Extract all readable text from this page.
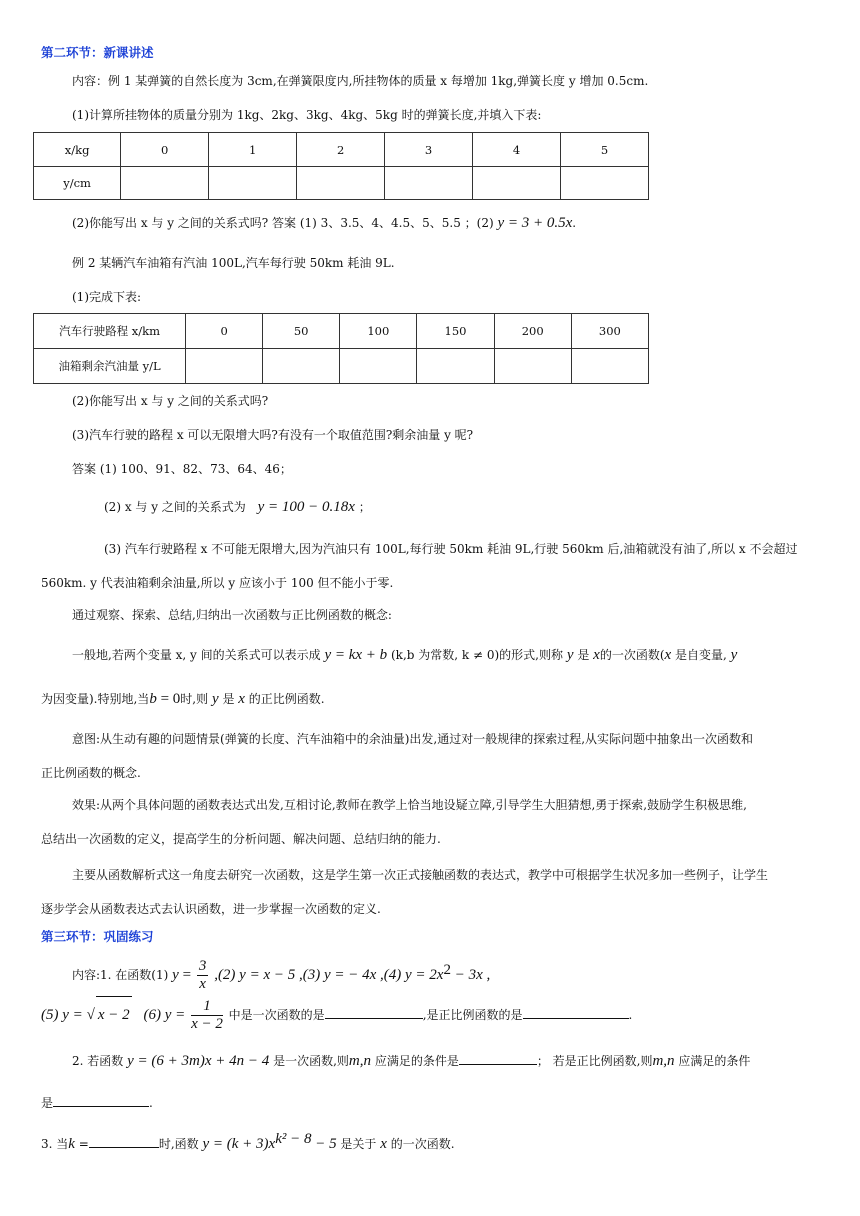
第二环节：新课讲述
内容：例 1 某弹簧的自然长度为 3cm,在弹簧限度内,所挂物体的质量 x 每增加 1kg,弹簧长度 y 增加 0.5cm.
(1)计算所挂物体的质量分别为 1kg、2kg、3kg、4kg、5kg 时的弹簧长度,并填入下表:
x/kg	0	1	2	3	4	5
y/cm						
(2)你能写出 x 与 y 之间的关系式吗? 答案 (1) 3、3.5、4、4.5、5、5.5 ；(2) y = 3 + 0.5x.
例 2 某辆汽车油箱有汽油 100L,汽车每行驶 50km 耗油 9L.
(1)完成下表:
汽车行驶路程 x/km	0	50	100	150	200	300
油箱剩余汽油量 y/L						
(2)你能写出 x 与 y 之间的关系式吗?
(3)汽车行驶的路程 x 可以无限增大吗?有没有一个取值范围?剩余油量 y 呢?
答案 (1) 100、91、82、73、64、46；
(2) x 与 y 之间的关系式为 y = 100 − 0.18x ；
(3) 汽车行驶路程 x 不可能无限增大,因为汽油只有 100L,每行驶 50km 耗油 9L,行驶 560km 后,油箱就没有油了,所以 x 不会超过
560km. y 代表油箱剩余油量,所以 y 应该小于 100 但不能小于零.
通过观察、探索、总结,归纳出一次函数与正比例函数的概念:
一般地,若两个变量 x, y 间的关系式可以表示成 y = kx + b (k,b 为常数, k ≠ 0)的形式,则称 y 是 x的一次函数(x 是自变量, y
为因变量).特别地,当b = 0时,则 y 是 x 的正比例函数.
意图:从生动有趣的问题情景(弹簧的长度、汽车油箱中的余油量)出发,通过对一般规律的探索过程,从实际问题中抽象出一次函数和
正比例函数的概念.
效果:从两个具体问题的函数表达式出发,互相讨论,教师在教学上恰当地设疑立障,引导学生大胆猜想,勇于探索,鼓励学生积极思维,
总结出一次函数的定义，提高学生的分析问题、解决问题、总结归纳的能力.
主要从函数解析式这一角度去研究一次函数，这是学生第一次正式接触函数的表达式，教学中可根据学生状况多加一些例子，让学生
逐步学会从函数表达式去认识函数，进一步掌握一次函数的定义.
第三环节：巩固练习
内容:1. 在函数(1) $y = \frac{3}{x} ,(2) y = x - 5$ ,(3) y = − 4x ,(4) $y = 2x^2 - 3x$ ,
(5) y = √ x − 2 (6) $y = \frac{1}{x - 2}$ 中是一次函数的是	,是正比例函数的是	.
2. 若函数 y = (6 + 3m)x + 4n − 4 是一次函数,则m,n 应满足的条件是	； 若是正比例函数,则m,n 应满足的条件
是	.
3. 当k =	时,函数 $y = (k + 3)x^{k^2 - 8} - 5$ 是关于 x 的一次函数.
